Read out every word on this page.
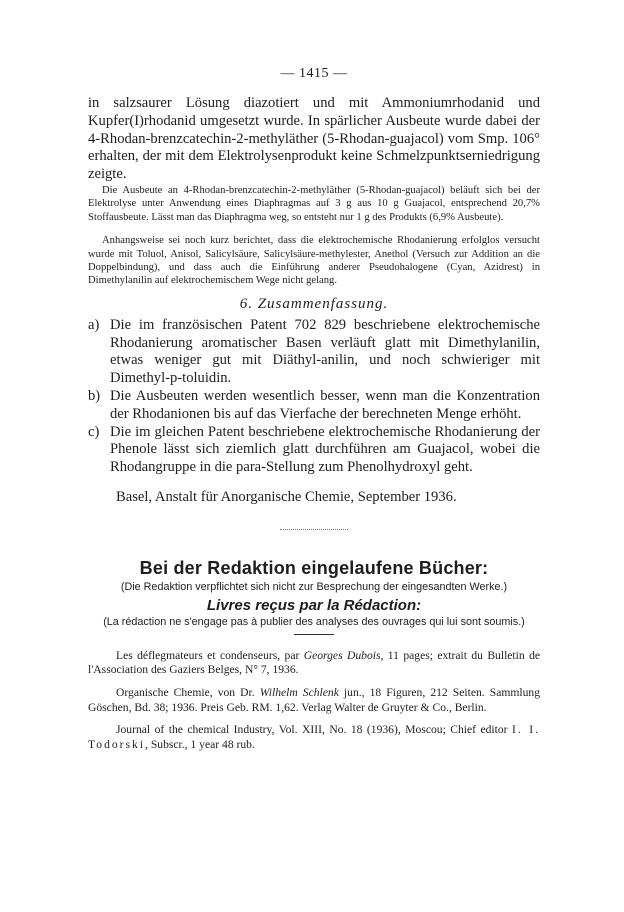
— 1415 —

in salzsaurer Lösung diazotiert und mit Ammoniumrhodanid und Kupfer(I)rhodanid umgesetzt wurde. In spärlicher Ausbeute wurde dabei der 4-Rhodan-brenzcatechin-2-methyläther (5-Rhodan-guajacol) vom Smp. 106° erhalten, der mit dem Elektrolysenprodukt keine Schmelzpunktserniedrigung zeigte.

Die Ausbeute an 4-Rhodan-brenzcatechin-2-methyläther (5-Rhodan-guajacol) beläuft sich bei der Elektrolyse unter Anwendung eines Diaphragmas auf 3 g aus 10 g Guajacol, entsprechend 20,7% Stoffausbeute. Lässt man das Diaphragma weg, so entsteht nur 1 g des Produkts (6,9% Ausbeute).

Anhangsweise sei noch kurz berichtet, dass die elektrochemische Rhodanierung erfolglos versucht wurde mit Toluol, Anisol, Salicylsäure, Salicylsäure-methylester, Anethol (Versuch zur Addition an die Doppelbindung), und dass auch die Einführung anderer Pseudohalogene (Cyan, Azidrest) in Dimethylanilin auf elektrochemischem Wege nicht gelang.

6. Zusammenfassung.
a) Die im französischen Patent 702 829 beschriebene elektrochemische Rhodanierung aromatischer Basen verläuft glatt mit Dimethylanilin, etwas weniger gut mit Diäthyl-anilin, und noch schwieriger mit Dimethyl-p-toluidin.
b) Die Ausbeuten werden wesentlich besser, wenn man die Konzentration der Rhodanionen bis auf das Vierfache der berechneten Menge erhöht.
c) Die im gleichen Patent beschriebene elektrochemische Rhodanierung der Phenole lässt sich ziemlich glatt durchführen am Guajacol, wobei die Rhodangruppe in die para-Stellung zum Phenolhydroxyl geht.

Basel, Anstalt für Anorganische Chemie, September 1936.

Bei der Redaktion eingelaufene Bücher:
(Die Redaktion verpflichtet sich nicht zur Besprechung der eingesandten Werke.)
Livres reçus par la Rédaction:
(La rédaction ne s'engage pas à publier des analyses des ouvrages qui lui sont soumis.)

Les déflegmateurs et condenseurs, par Georges Dubois, 11 pages; extrait du Bulletin de l'Association des Gaziers Belges, N° 7, 1936.

Organische Chemie, von Dr. Wilhelm Schlenk jun., 18 Figuren, 212 Seiten. Sammlung Göschen, Bd. 38; 1936. Preis Geb. RM. 1,62. Verlag Walter de Gruyter & Co., Berlin.

Journal of the chemical Industry, Vol. XIII, No. 18 (1936), Moscou; Chief editor I. I. Todorski, Subscr., 1 year 48 rub.
